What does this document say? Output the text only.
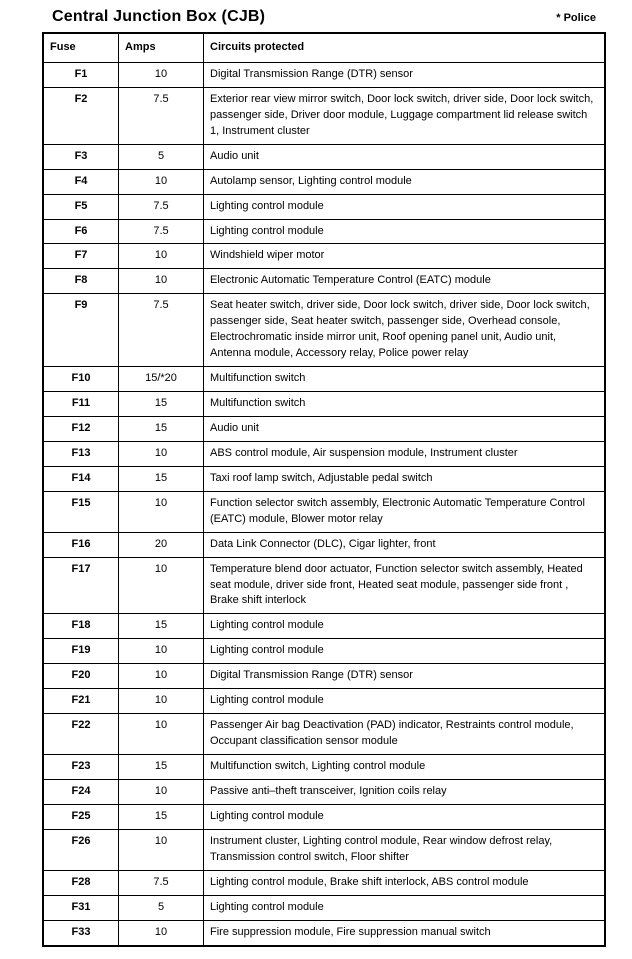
Central Junction Box (CJB)	* Police
Fuse	Amps	Circuits protected
F1	10	Digital Transmission Range (DTR) sensor
F2	7.5	Exterior rear view mirror switch, Door lock switch, driver side, Door lock switch, passenger side, Driver door module, Luggage compartment lid release switch 1, Instrument cluster
F3	5	Audio unit
F4	10	Autolamp sensor, Lighting control module
F5	7.5	Lighting control module
F6	7.5	Lighting control module
F7	10	Windshield wiper motor
F8	10	Electronic Automatic Temperature Control (EATC) module
F9	7.5	Seat heater switch, driver side, Door lock switch, driver side, Door lock switch, passenger side, Seat heater switch, passenger side, Overhead console, Electrochromatic inside mirror unit, Roof opening panel unit, Audio unit, Antenna module, Accessory relay, Police power relay
F10	15/*20	Multifunction switch
F11	15	Multifunction switch
F12	15	Audio unit
F13	10	ABS control module, Air suspension module, Instrument cluster
F14	15	Taxi roof lamp switch, Adjustable pedal switch
F15	10	Function selector switch assembly, Electronic Automatic Temperature Control (EATC) module, Blower motor relay
F16	20	Data Link Connector (DLC), Cigar lighter, front
F17	10	Temperature blend door actuator, Function selector switch assembly, Heated seat module, driver side front, Heated seat module, passenger side front , Brake shift interlock
F18	15	Lighting control module
F19	10	Lighting control module
F20	10	Digital Transmission Range (DTR) sensor
F21	10	Lighting control module
F22	10	Passenger Air bag Deactivation (PAD) indicator, Restraints control module, Occupant classification sensor module
F23	15	Multifunction switch, Lighting control module
F24	10	Passive anti–theft transceiver, Ignition coils relay
F25	15	Lighting control module
F26	10	Instrument cluster, Lighting control module, Rear window defrost relay, Transmission control switch, Floor shifter
F28	7.5	Lighting control module, Brake shift interlock, ABS control module
F31	5	Lighting control module
F33	10	Fire suppression module, Fire suppression manual switch
